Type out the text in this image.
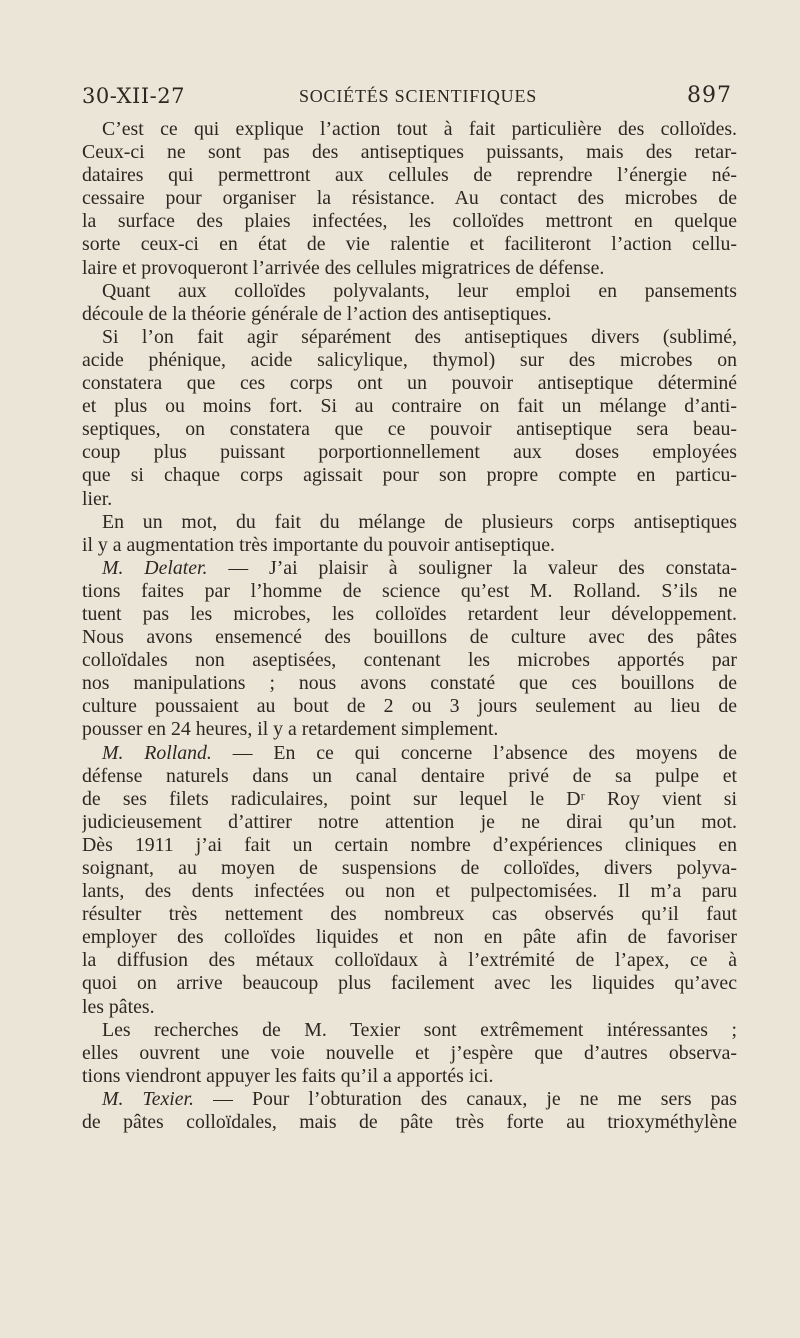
30-XII-27	SOCIÉTÉS SCIENTIFIQUES	897
C’est ce qui explique l’action tout à fait particulière des colloïdes.
Ceux-ci ne sont pas des antiseptiques puissants, mais des retar-
dataires qui permettront aux cellules de reprendre l’énergie né-
cessaire pour organiser la résistance. Au contact des microbes de
la surface des plaies infectées, les colloïdes mettront en quelque
sorte ceux-ci en état de vie ralentie et faciliteront l’action cellu-
laire et provoqueront l’arrivée des cellules migratrices de défense.
Quant aux colloïdes polyvalants, leur emploi en pansements
découle de la théorie générale de l’action des antiseptiques.
Si l’on fait agir séparément des antiseptiques divers (sublimé,
acide phénique, acide salicylique, thymol) sur des microbes on
constatera que ces corps ont un pouvoir antiseptique déterminé
et plus ou moins fort. Si au contraire on fait un mélange d’anti-
septiques, on constatera que ce pouvoir antiseptique sera beau-
coup plus puissant porportionnellement aux doses employées
que si chaque corps agissait pour son propre compte en particu-
lier.
En un mot, du fait du mélange de plusieurs corps antiseptiques
il y a augmentation très importante du pouvoir antiseptique.
M. Delater. — J’ai plaisir à souligner la valeur des constata-
tions faites par l’homme de science qu’est M. Rolland. S’ils ne
tuent pas les microbes, les colloïdes retardent leur développement.
Nous avons ensemencé des bouillons de culture avec des pâtes
colloïdales non aseptisées, contenant les microbes apportés par
nos manipulations ; nous avons constaté que ces bouillons de
culture poussaient au bout de 2 ou 3 jours seulement au lieu de
pousser en 24 heures, il y a retardement simplement.
M. Rolland. — En ce qui concerne l’absence des moyens de
défense naturels dans un canal dentaire privé de sa pulpe et
de ses filets radiculaires, point sur lequel le Dʳ Roy vient si
judicieusement d’attirer notre attention je ne dirai qu’un mot.
Dès 1911 j’ai fait un certain nombre d’expériences cliniques en
soignant, au moyen de suspensions de colloïdes, divers polyva-
lants, des dents infectées ou non et pulpectomisées. Il m’a paru
résulter très nettement des nombreux cas observés qu’il faut
employer des colloïdes liquides et non en pâte afin de favoriser
la diffusion des métaux colloïdaux à l’extrémité de l’apex, ce à
quoi on arrive beaucoup plus facilement avec les liquides qu’avec
les pâtes.
Les recherches de M. Texier sont extrêmement intéressantes ;
elles ouvrent une voie nouvelle et j’espère que d’autres observa-
tions viendront appuyer les faits qu’il a apportés ici.
M. Texier. — Pour l’obturation des canaux, je ne me sers pas
de pâtes colloïdales, mais de pâte très forte au trioxyméthylène
